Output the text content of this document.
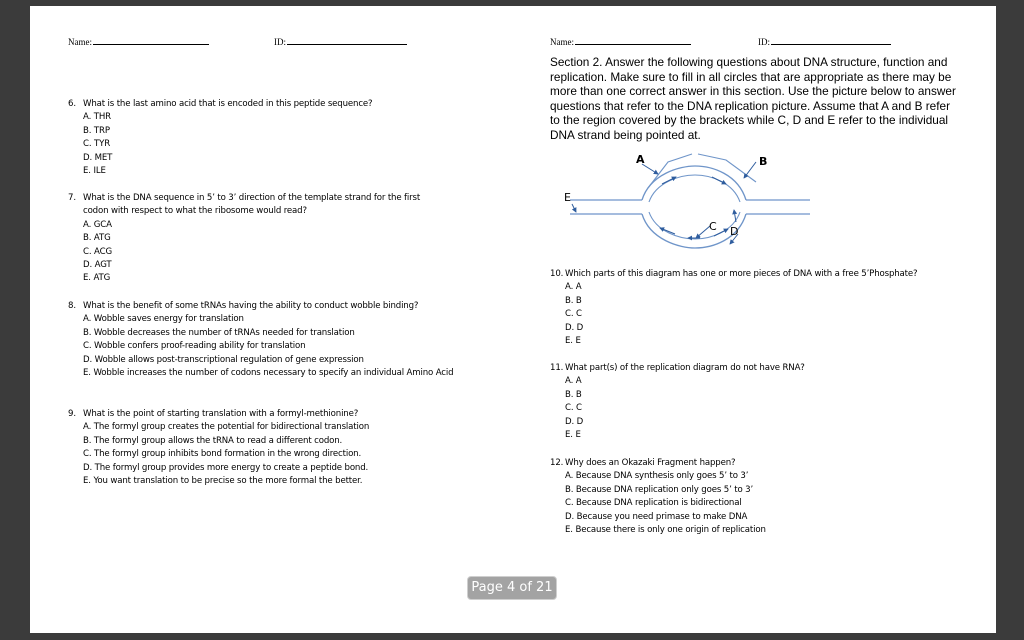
Name:	ID:
6. What is the last amino acid that is encoded in this peptide sequence?
A. THR
B. TRP
C. TYR
D. MET
E. ILE
7. What is the DNA sequence in 5’ to 3’ direction of the template strand for the first
codon with respect to what the ribosome would read?
A. GCA
B. ATG
C. ACG
D. AGT
E. ATG
8. What is the benefit of some tRNAs having the ability to conduct wobble binding?
A. Wobble saves energy for translation
B. Wobble decreases the number of tRNAs needed for translation
C. Wobble confers proof-reading ability for translation
D. Wobble allows post-transcriptional regulation of gene expression
E. Wobble increases the number of codons necessary to specify an individual Amino Acid
9. What is the point of starting translation with a formyl-methionine?
A. The formyl group creates the potential for bidirectional translation
B. The formyl group allows the tRNA to read a different codon.
C. The formyl group inhibits bond formation in the wrong direction.
D. The formyl group provides more energy to create a peptide bond.
E. You want translation to be precise so the more formal the better.
Name:	ID:
Section 2. Answer the following questions about DNA structure, function and replication. Make sure to fill in all circles that are appropriate as there may be more than one correct answer in this section. Use the picture below to answer questions that refer to the DNA replication picture. Assume that A and B refer to the region covered by the brackets while C, D and E refer to the individual DNA strand being pointed at.
A	B
C D
E
10. Which parts of this diagram has one or more pieces of DNA with a free 5’Phosphate?
A. A
B. B
C. C
D. D
E. E
11. What part(s) of the replication diagram do not have RNA?
A. A
B. B
C. C
D. D
E. E
12. Why does an Okazaki Fragment happen?
A. Because DNA synthesis only goes 5’ to 3’
B. Because DNA replication only goes 5’ to 3’
C. Because DNA replication is bidirectional
D. Because you need primase to make DNA
E. Because there is only one origin of replication
Page 4 of 21
